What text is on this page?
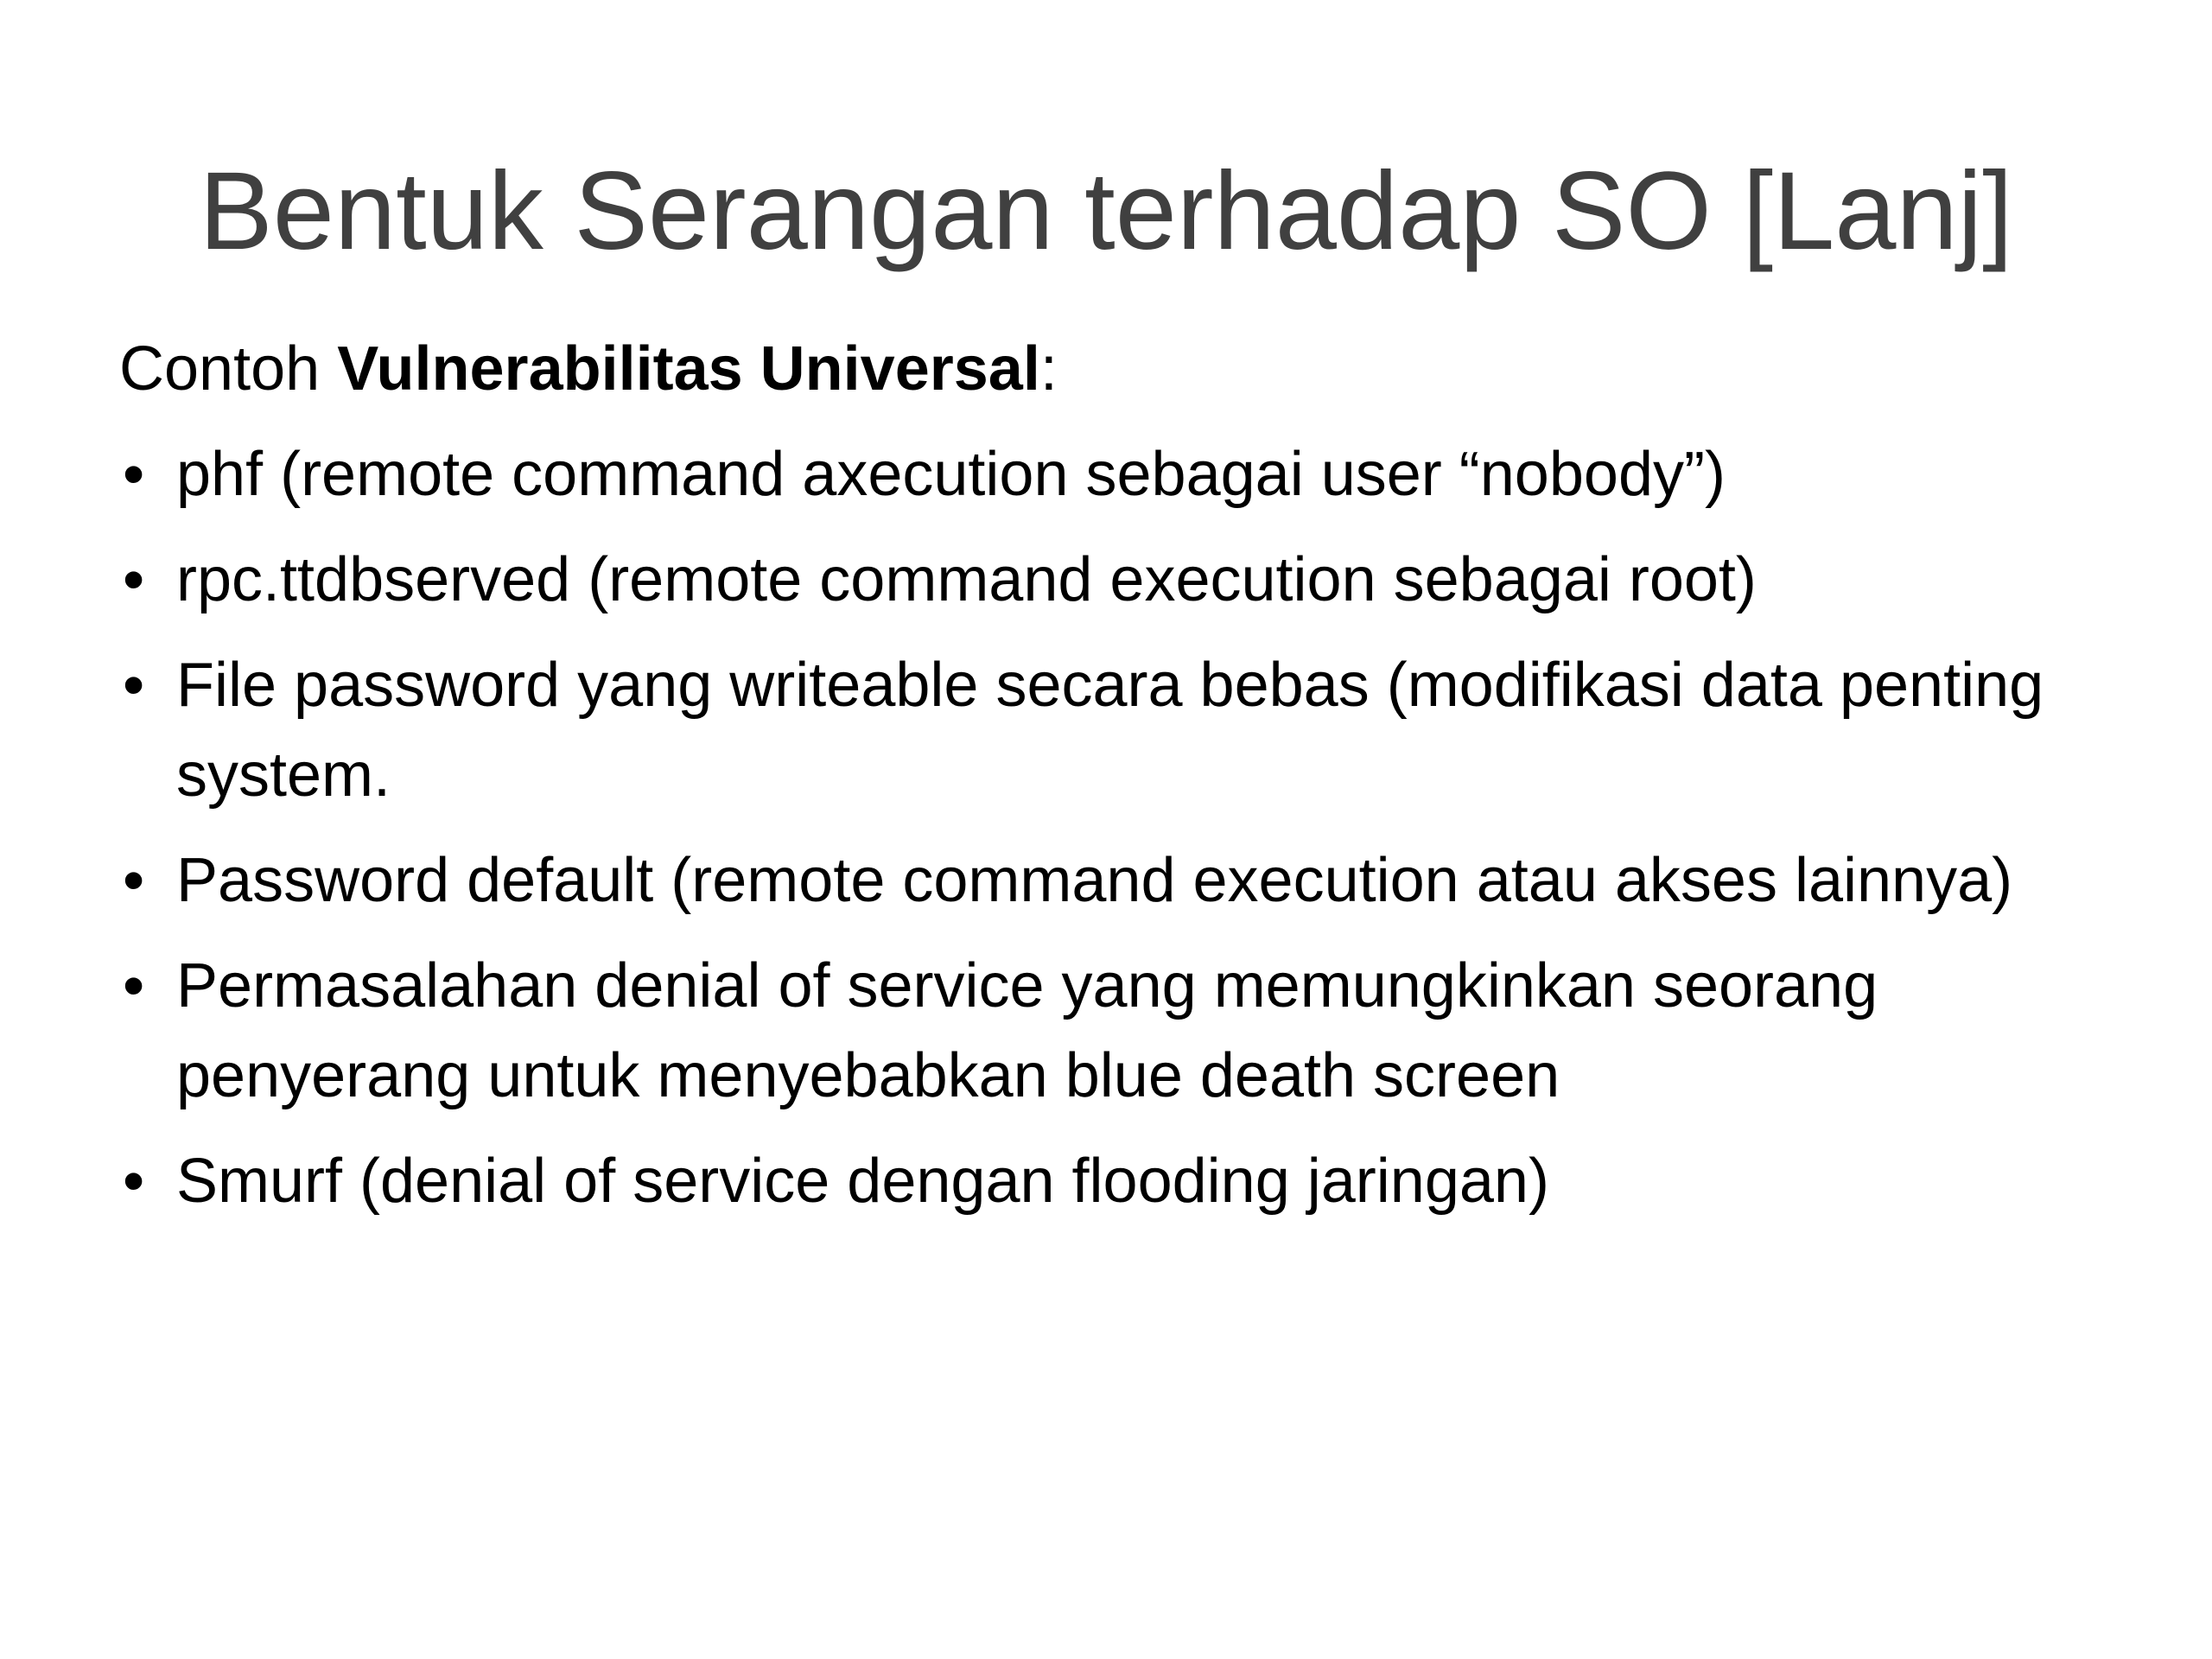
Bentuk Serangan terhadap SO [Lanj]

Contoh Vulnerabilitas Universal:

• phf (remote command axecution sebagai user “nobody”)
• rpc.ttdbserved (remote command execution sebagai root)
• File password yang writeable secara bebas (modifikasi data penting system.
• Password default (remote command execution atau akses lainnya)
• Permasalahan denial of service yang memungkinkan seorang penyerang untuk menyebabkan blue death screen
• Smurf (denial of service dengan flooding jaringan)
